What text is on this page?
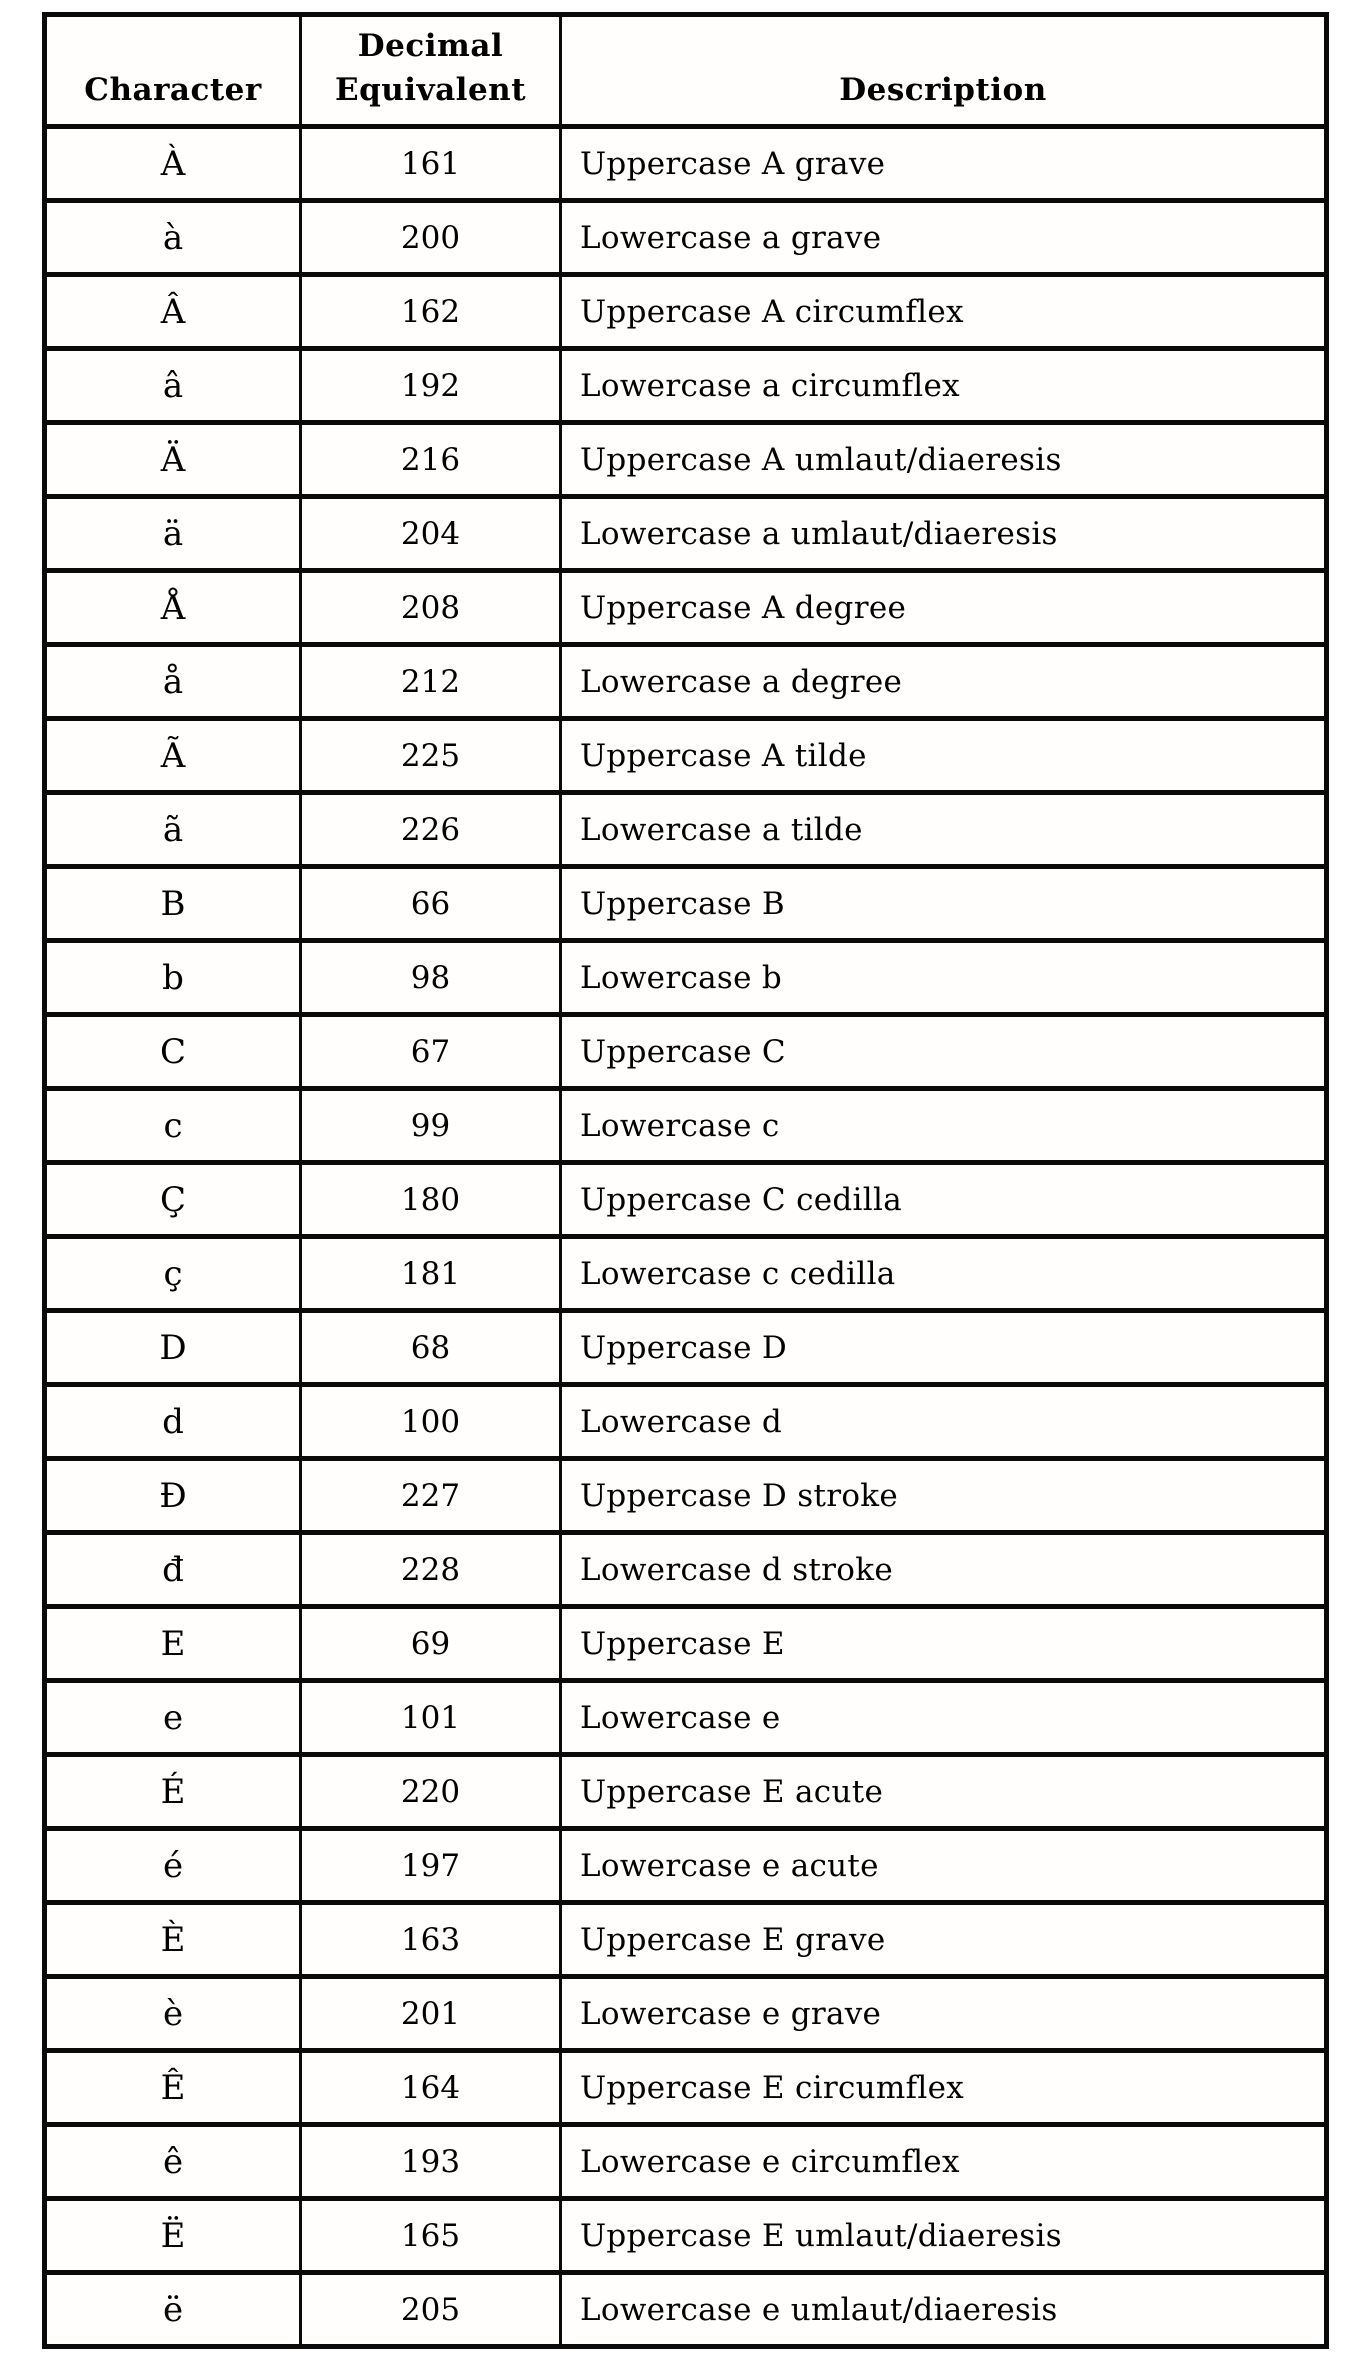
Character	Decimal Equivalent	Description
À	161	Uppercase A grave
à	200	Lowercase a grave
Â	162	Uppercase A circumflex
â	192	Lowercase a circumflex
Ä	216	Uppercase A umlaut/diaeresis
ä	204	Lowercase a umlaut/diaeresis
Å	208	Uppercase A degree
å	212	Lowercase a degree
Ã	225	Uppercase A tilde
ã	226	Lowercase a tilde
B	66	Uppercase B
b	98	Lowercase b
C	67	Uppercase C
c	99	Lowercase c
Ç	180	Uppercase C cedilla
ç	181	Lowercase c cedilla
D	68	Uppercase D
d	100	Lowercase d
Đ	227	Uppercase D stroke
đ	228	Lowercase d stroke
E	69	Uppercase E
e	101	Lowercase e
É	220	Uppercase E acute
é	197	Lowercase e acute
È	163	Uppercase E grave
è	201	Lowercase e grave
Ê	164	Uppercase E circumflex
ê	193	Lowercase e circumflex
Ë	165	Uppercase E umlaut/diaeresis
ë	205	Lowercase e umlaut/diaeresis
